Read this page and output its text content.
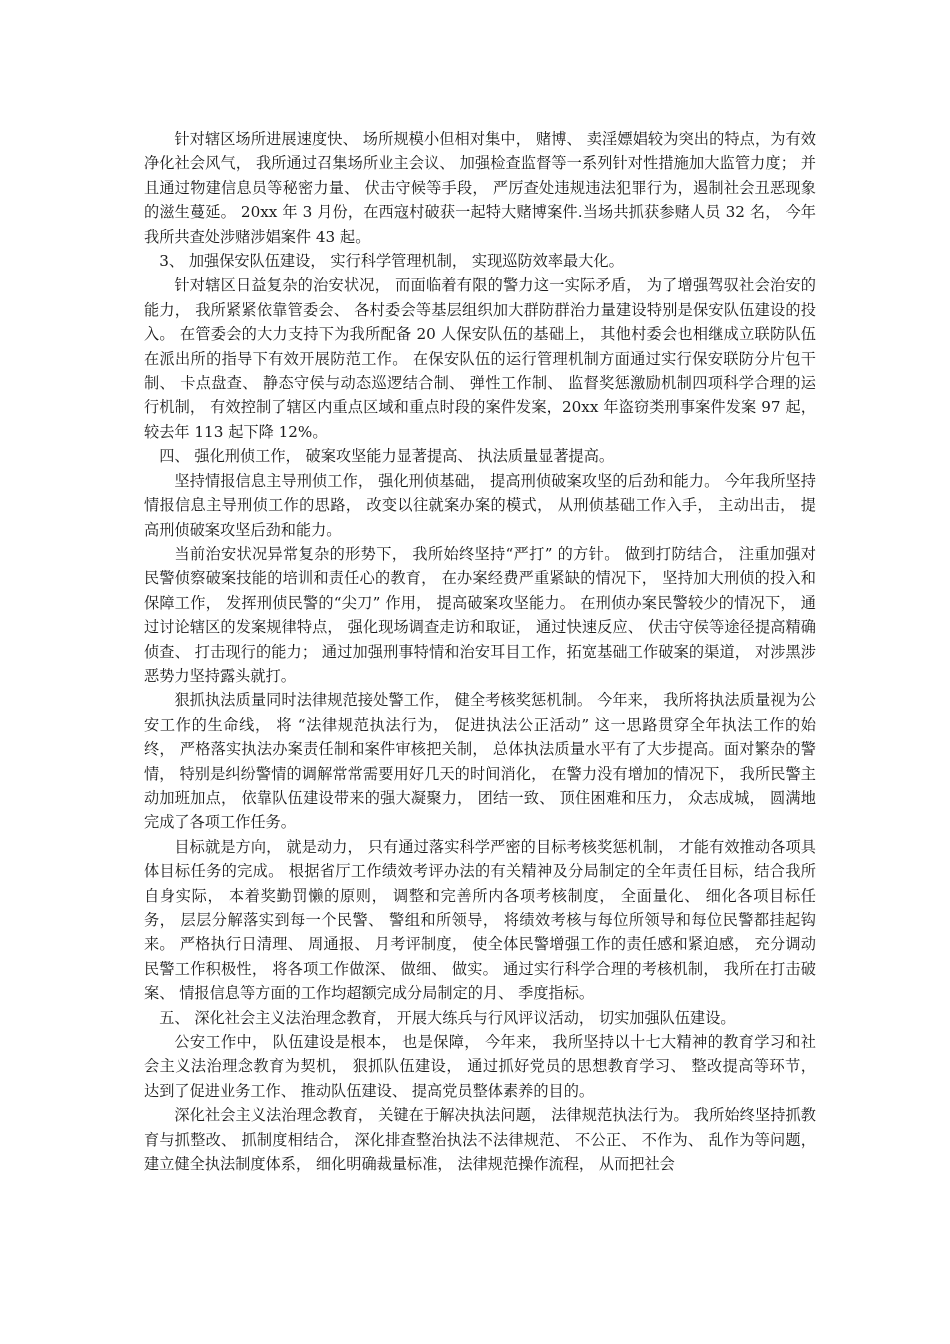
针对辖区场所进展速度快、 场所规模小但相对集中， 赌博、 卖淫嫖娼较为突出的特点，为有效净化社会风气， 我所通过召集场所业主会议、 加强检查监督等一系列针对性措施加大监管力度； 并且通过物建信息员等秘密力量、 伏击守候等手段， 严厉查处违规违法犯罪行为，遏制社会丑恶现象的滋生蔓延。 20xx 年 3 月份，在西寇村破获一起特大赌博案件.当场共抓获参赌人员 32 名， 今年我所共查处涉赌涉娼案件 43 起。

3、 加强保安队伍建设， 实行科学管理机制， 实现巡防效率最大化。

针对辖区日益复杂的治安状况， 而面临着有限的警力这一实际矛盾， 为了增强驾驭社会治安的能力， 我所紧紧依靠管委会、 各村委会等基层组织加大群防群治力量建设特别是保安队伍建设的投入。 在管委会的大力支持下为我所配备 20 人保安队伍的基础上， 其他村委会也相继成立联防队伍在派出所的指导下有效开展防范工作。 在保安队伍的运行管理机制方面通过实行保安联防分片包干制、 卡点盘查、 静态守侯与动态巡逻结合制、 弹性工作制、 监督奖惩激励机制四项科学合理的运行机制， 有效控制了辖区内重点区域和重点时段的案件发案，20xx 年盗窃类刑事案件发案 97 起， 较去年 113 起下降 12%。

四、 强化刑侦工作， 破案攻坚能力显著提高、 执法质量显著提高。

坚持情报信息主导刑侦工作， 强化刑侦基础， 提高刑侦破案攻坚的后劲和能力。 今年我所坚持情报信息主导刑侦工作的思路， 改变以往就案办案的模式， 从刑侦基础工作入手， 主动出击， 提高刑侦破案攻坚后劲和能力。

当前治安状况异常复杂的形势下， 我所始终坚持“严打” 的方针。 做到打防结合， 注重加强对民警侦察破案技能的培训和责任心的教育， 在办案经费严重紧缺的情况下， 坚持加大刑侦的投入和保障工作， 发挥刑侦民警的“尖刀” 作用， 提高破案攻坚能力。 在刑侦办案民警较少的情况下， 通过讨论辖区的发案规律特点， 强化现场调查走访和取证， 通过快速反应、 伏击守侯等途径提高精确侦查、 打击现行的能力； 通过加强刑事特情和治安耳目工作，拓宽基础工作破案的渠道， 对涉黑涉恶势力坚持露头就打。

狠抓执法质量同时法律规范接处警工作， 健全考核奖惩机制。 今年来， 我所将执法质量视为公安工作的生命线， 将 “法律规范执法行为， 促进执法公正活动” 这一思路贯穿全年执法工作的始终， 严格落实执法办案责任制和案件审核把关制， 总体执法质量水平有了大步提高。面对繁杂的警情， 特别是纠纷警情的调解常常需要用好几天的时间消化， 在警力没有增加的情况下， 我所民警主动加班加点， 依靠队伍建设带来的强大凝聚力， 团结一致、 顶住困难和压力， 众志成城， 圆满地完成了各项工作任务。

目标就是方向， 就是动力， 只有通过落实科学严密的目标考核奖惩机制， 才能有效推动各项具体目标任务的完成。 根据省厅工作绩效考评办法的有关精神及分局制定的全年责任目标，结合我所自身实际， 本着奖勤罚懒的原则， 调整和完善所内各项考核制度， 全面量化、 细化各项目标任务， 层层分解落实到每一个民警、 警组和所领导， 将绩效考核与每位所领导和每位民警都挂起钩来。 严格执行日清理、 周通报、 月考评制度， 使全体民警增强工作的责任感和紧迫感， 充分调动民警工作积极性， 将各项工作做深、 做细、 做实。 通过实行科学合理的考核机制， 我所在打击破案、 情报信息等方面的工作均超额完成分局制定的月、 季度指标。

五、 深化社会主义法治理念教育， 开展大练兵与行风评议活动， 切实加强队伍建设。

公安工作中， 队伍建设是根本， 也是保障， 今年来， 我所坚持以十七大精神的教育学习和社会主义法治理念教育为契机， 狠抓队伍建设， 通过抓好党员的思想教育学习、 整改提高等环节， 达到了促进业务工作、 推动队伍建设、 提高党员整体素养的目的。

深化社会主义法治理念教育， 关键在于解决执法问题， 法律规范执法行为。 我所始终坚持抓教育与抓整改、 抓制度相结合， 深化排查整治执法不法律规范、 不公正、 不作为、 乱作为等问题， 建立健全执法制度体系， 细化明确裁量标准， 法律规范操作流程， 从而把社会
